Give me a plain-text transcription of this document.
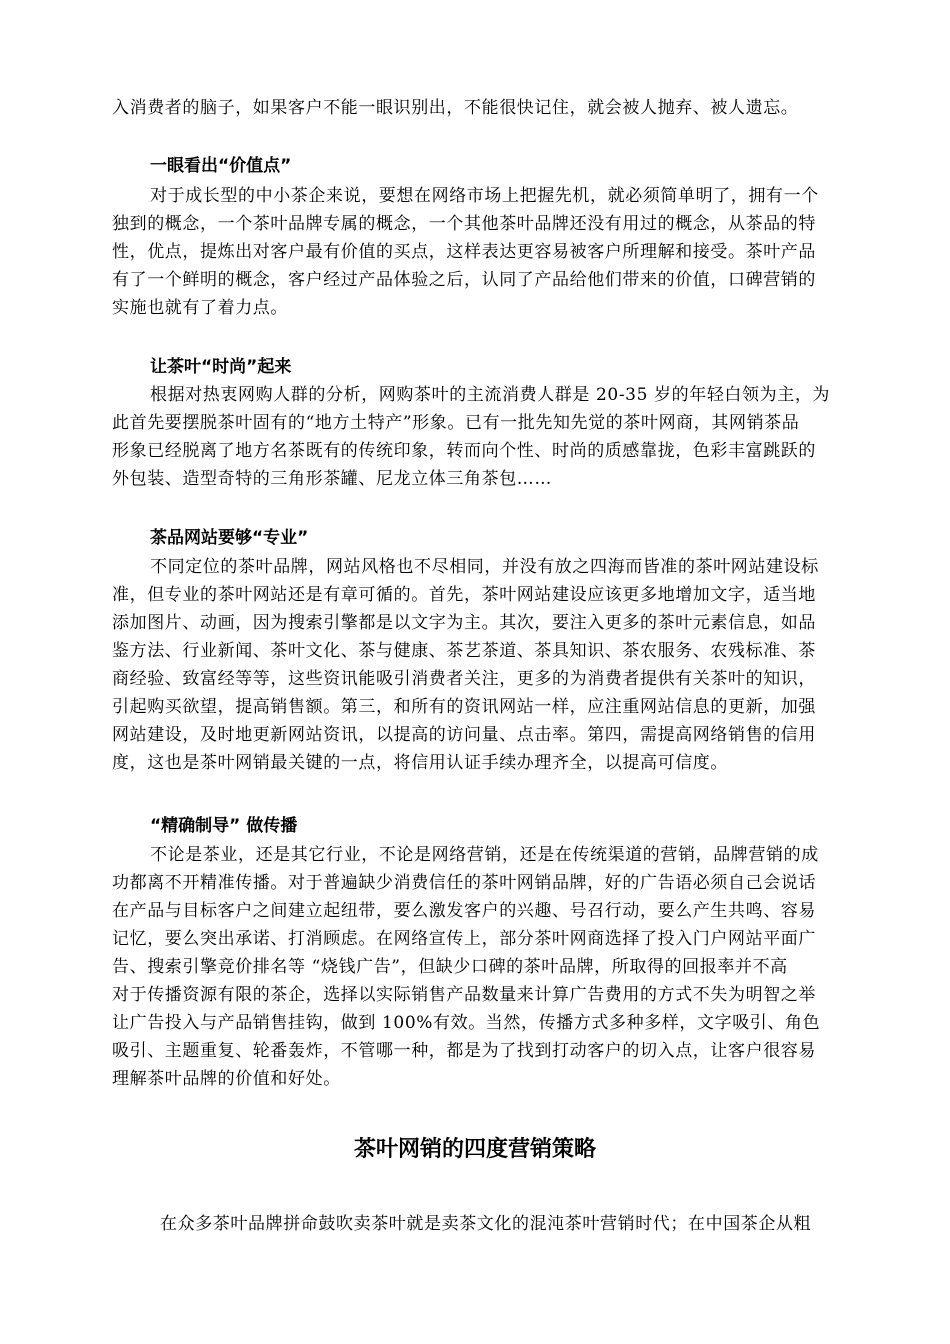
入消费者的脑子，如果客户不能一眼识别出，不能很快记住，就会被人抛弃、被人遗忘。
一眼看出“价值点”
对于成长型的中小茶企来说，要想在网络市场上把握先机，就必须简单明了，拥有一个
独到的概念，一个茶叶品牌专属的概念，一个其他茶叶品牌还没有用过的概念，从茶品的特
性，优点，提炼出对客户最有价值的买点，这样表达更容易被客户所理解和接受。茶叶产品
有了一个鲜明的概念，客户经过产品体验之后，认同了产品给他们带来的价值，口碑营销的
实施也就有了着力点。
让茶叶“时尚”起来
根据对热衷网购人群的分析，网购茶叶的主流消费人群是 20-35 岁的年轻白领为主，为
此首先要摆脱茶叶固有的“地方土特产”形象。已有一批先知先觉的茶叶网商，其网销茶品
形象已经脱离了地方名茶既有的传统印象，转而向个性、时尚的质感靠拢，色彩丰富跳跃的
外包装、造型奇特的三角形茶罐、尼龙立体三角茶包……
茶品网站要够“专业”
不同定位的茶叶品牌，网站风格也不尽相同，并没有放之四海而皆准的茶叶网站建设标
准，但专业的茶叶网站还是有章可循的。首先，茶叶网站建设应该更多地增加文字，适当地
添加图片、动画，因为搜索引擎都是以文字为主。其次，要注入更多的茶叶元素信息，如品
鉴方法、行业新闻、茶叶文化、茶与健康、茶艺茶道、茶具知识、茶农服务、农残标准、茶
商经验、致富经等等，这些资讯能吸引消费者关注，更多的为消费者提供有关茶叶的知识，
引起购买欲望，提高销售额。第三，和所有的资讯网站一样，应注重网站信息的更新，加强
网站建设，及时地更新网站资讯，以提高的访问量、点击率。第四，需提高网络销售的信用
度，这也是茶叶网销最关键的一点，将信用认证手续办理齐全，以提高可信度。
“精确制导” 做传播
不论是茶业，还是其它行业，不论是网络营销，还是在传统渠道的营销，品牌营销的成
功都离不开精准传播。对于普遍缺少消费信任的茶叶网销品牌，好的广告语必须自己会说话
在产品与目标客户之间建立起纽带，要么激发客户的兴趣、号召行动，要么产生共鸣、容易
记忆，要么突出承诺、打消顾虑。在网络宣传上，部分茶叶网商选择了投入门户网站平面广
告、搜索引擎竞价排名等 “烧钱广告”，但缺少口碑的茶叶品牌，所取得的回报率并不高
对于传播资源有限的茶企，选择以实际销售产品数量来计算广告费用的方式不失为明智之举
让广告投入与产品销售挂钩，做到 100%有效。当然，传播方式多种多样，文字吸引、角色
吸引、主题重复、轮番轰炸，不管哪一种，都是为了找到打动客户的切入点，让客户很容易
理解茶叶品牌的价值和好处。
茶叶网销的四度营销策略
在众多茶叶品牌拼命鼓吹卖茶叶就是卖茶文化的混沌茶叶营销时代；在中国茶企从粗
